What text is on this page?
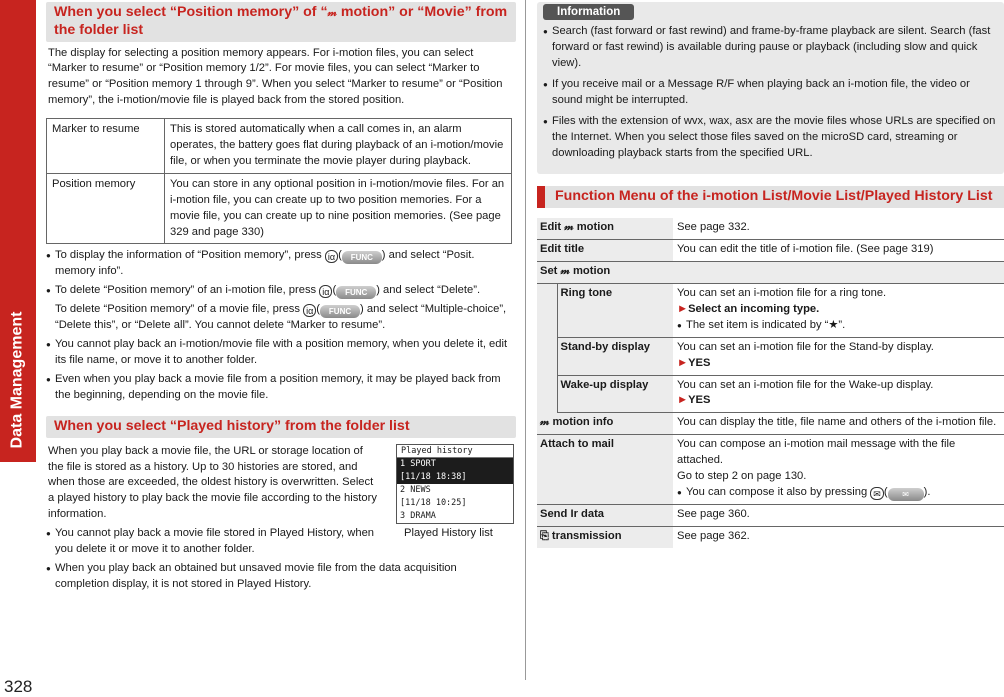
Data Management
328
When you select “Position memory” of “𝓂 motion” or “Movie” from the folder list

The display for selecting a position memory appears. For i-motion files, you can select “Marker to resume” or “Position memory 1/2”. For movie files, you can select “Marker to resume” or “Position memory 1 through 9”. When you select “Marker to resume” or “Position memory”, the i-motion/movie file is played back from the stored position.

Marker to resume	This is stored automatically when a call comes in, an alarm operates, the battery goes flat during playback of an i-motion/movie file, or when you terminate the movie player during playback.
Position memory	You can store in any optional position in i-motion/movie files. For an i-motion file, you can create up to two position memories. For a movie file, you can create up to nine position memories. (See page 329 and page 330)
● To display the information of “Position memory”, press iα ( FUNC ) and select “Posit. memory info”.
● To delete “Position memory” of an i-motion file, press iα ( FUNC ) and select “Delete”.
To delete “Position memory” of a movie file, press iα ( FUNC ) and select “Multiple-choice”, “Delete this”, or “Delete all”. You cannot delete “Marker to resume”.
● You cannot play back an i-motion/movie file with a position memory, when you delete it, edit its file name, or move it to another folder.
● Even when you play back a movie file from a position memory, it may be played back from the beginning, depending on the movie file.
When you select “Played history” from the folder list

When you play back a movie file, the URL or storage location of the file is stored as a history. Up to 30 histories are stored, and when those are exceeded, the oldest history is overwritten. Select a played history to play back the movie file according to the history information.

● You cannot play back a movie file stored in Played History, when you delete it or move it to another folder.
Played history
1 SPORT
[11/18 18:38]
2 NEWS
[11/18 10:25]
3 DRAMA
Played History list
● When you play back an obtained but unsaved movie file from the data acquisition completion display, it is not stored in Played History.
Information
● Search (fast forward or fast rewind) and frame-by-frame playback are silent. Search (fast forward or fast rewind) is available during pause or playback (including slow and quick view).
● If you receive mail or a Message R/F when playing back an i-motion file, the video or sound might be interrupted.
● Files with the extension of wvx, wax, asx are the movie files whose URLs are specified on the Internet. When you select those files saved on the microSD card, streaming or downloading playback starts from the specified URL.
Function Menu of the i-motion List/Movie List/Played History List
Edit 𝓂 motion		See page 332.
Edit title		You can edit the title of i-motion file. (See page 319)
Set 𝓂 motion		
	Ring tone	You can set an i-motion file for a ring tone.
►Select an incoming type.
● The set item is indicated by “★”.

	Stand-by display	You can set an i-motion file for the Stand-by display.
►YES

	Wake-up display	You can set an i-motion file for the Wake-up display.
►YES

𝓂 motion info		You can display the title, file name and others of the i-motion file.
Attach to mail		You can compose an i-motion mail message with the file attached.
Go to step 2 on page 130.
● You can compose it also by pressing ✉ ( ✉ ).

Send Ir data		See page 360.
⎘ transmission		See page 362.
